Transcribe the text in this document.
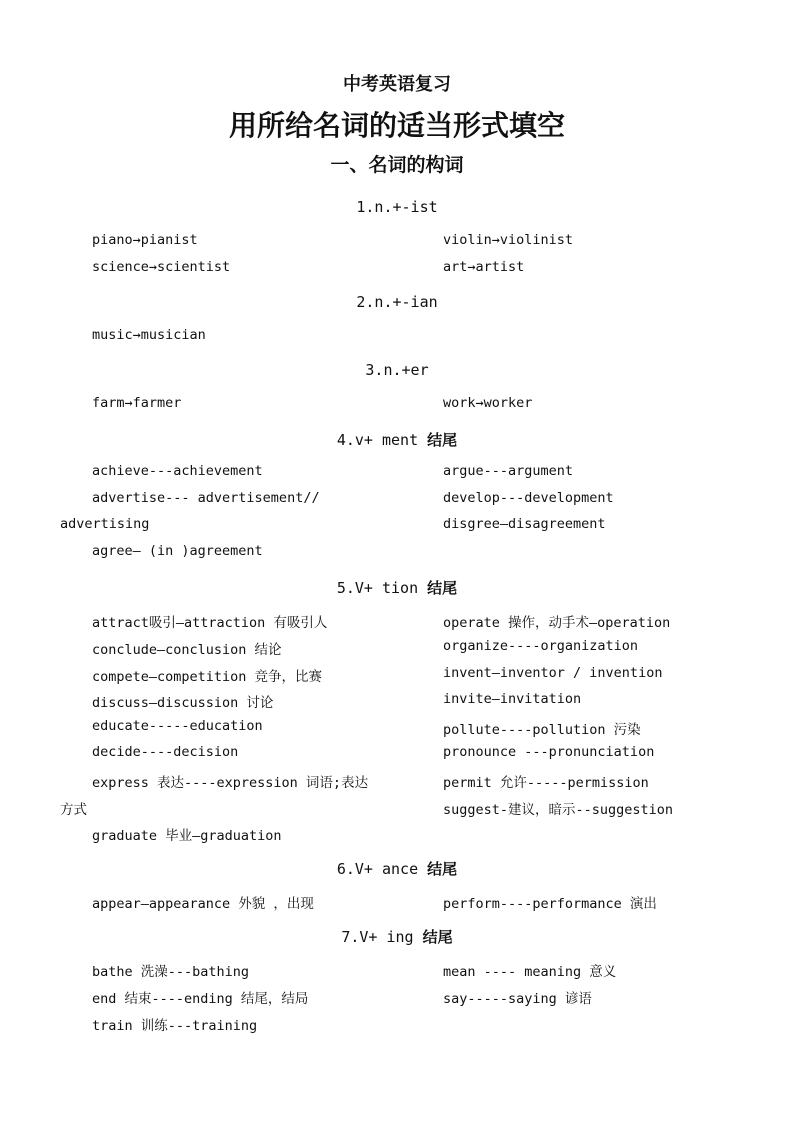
中考英语复习
用所给名词的适当形式填空
一、名词的构词
1.n.+-ist
piano→pianist
science→scientist
violin→violinist
art→artist
2.n.+-ian
music→musician
3.n.+er
farm→farmer	work→worker
4.v+ ment 结尾
achieve---achievement
advertise--- advertisement//
advertising
agree— (in )agreement
argue---argument
develop---development
disgree—disagreement
5.V+ tion 结尾
attract吸引—attraction 有吸引人
conclude—conclusion 结论
compete—competition 竞争，比赛
discuss—discussion 讨论
educate-----education
decide----decision
express 表达----expression 词语;表达
方式
graduate 毕业—graduation
operate 操作，动手术—operation
organize----organization
invent—inventor / invention
invite—invitation
pollute----pollution 污染
pronounce ---pronunciation
permit 允许-----permission
suggest-建议，暗示--suggestion
6.V+ ance 结尾
appear—appearance 外貌 ，出现	perform----performance 演出
7.V+ ing 结尾
bathe 洗澡---bathing
end 结束----ending 结尾，结局
train 训练---training
mean ---- meaning 意义
say-----saying 谚语
